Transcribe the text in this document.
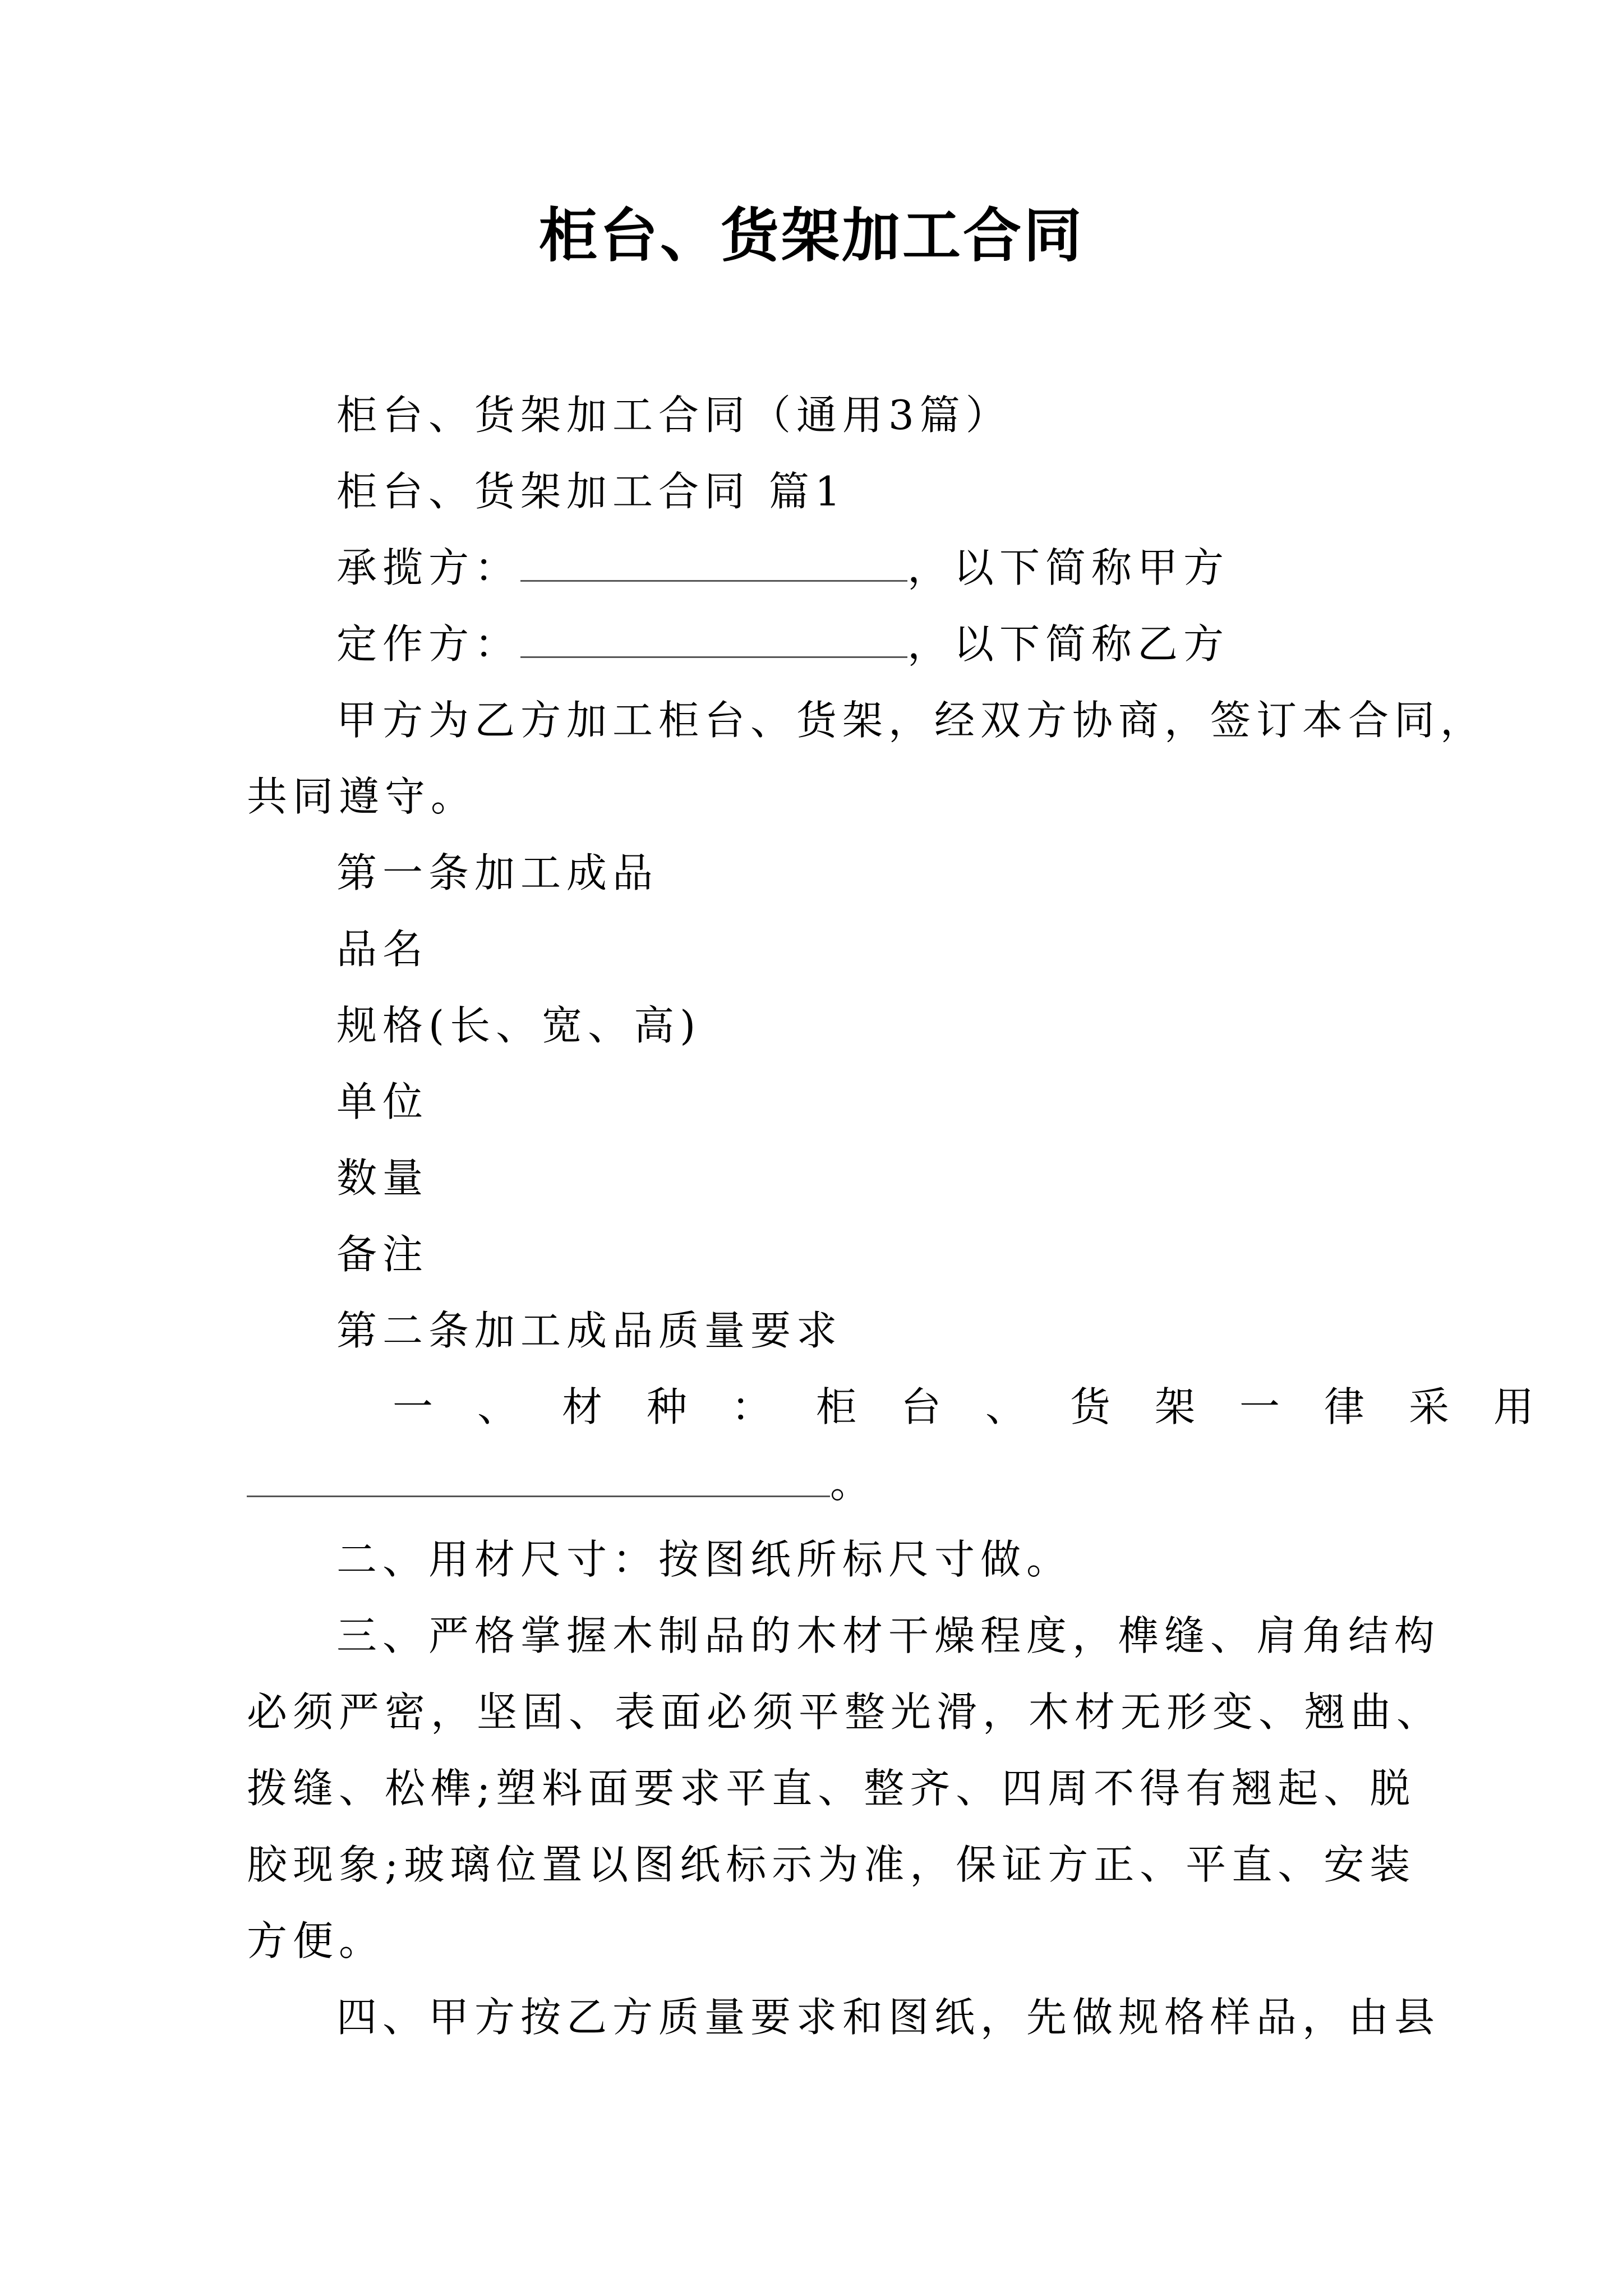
柜台、货架加工合同
柜台、货架加工合同（通用3篇）
柜台、货架加工合同 篇1
承揽方：	，以下简称甲方
定作方：	，以下简称乙方
甲方为乙方加工柜台、货架，经双方协商，签订本合同，
共同遵守。
第一条加工成品
品名
规格(长、宽、高)
单位
数量
备注
第二条加工成品质量要求
一、材种：柜台、货架一律采用
。
二、用材尺寸：按图纸所标尺寸做。
三、严格掌握木制品的木材干燥程度，榫缝、肩角结构
必须严密，坚固、表面必须平整光滑，木材无形变、翘曲、
拨缝、松榫;塑料面要求平直、整齐、四周不得有翘起、脱
胶现象;玻璃位置以图纸标示为准，保证方正、平直、安装
方便。
四、甲方按乙方质量要求和图纸，先做规格样品，由县
